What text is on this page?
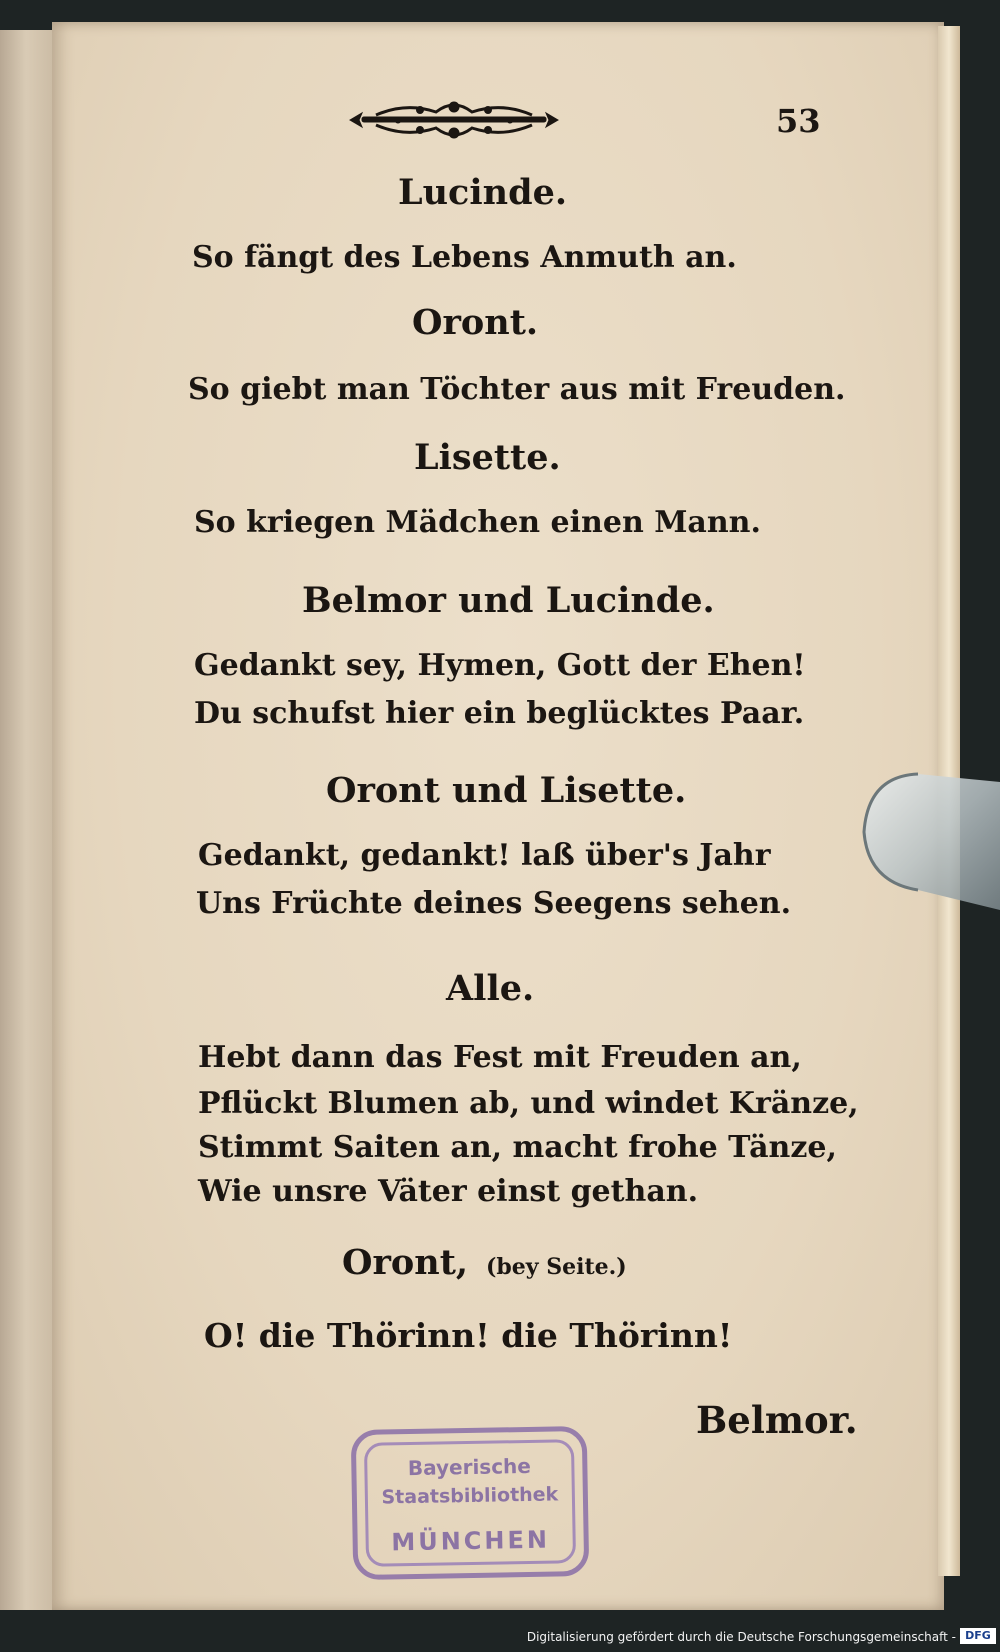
53
Lucinde.
So fängt des Lebens Anmuth an.
Oront.
So giebt man Töchter aus mit Freuden.
Lisette.
So kriegen Mädchen einen Mann.
Belmor und Lucinde.
Gedankt sey, Hymen, Gott der Ehen!
Du schufst hier ein beglücktes Paar.
Oront und Lisette.
Gedankt, gedankt! laß über's Jahr
Uns Früchte deines Seegens sehen.
Alle.
Hebt dann das Fest mit Freuden an,
Pflückt Blumen ab, und windet Kränze,
Stimmt Saiten an, macht frohe Tänze,
Wie unsre Väter einst gethan.
Oront, (bey Seite.)
O! die Thörinn! die Thörinn!
Belmor.
Bayerische
Staatsbibliothek
MÜNCHEN
Digitalisierung gefördert durch die Deutsche Forschungsgemeinschaft - DFG
